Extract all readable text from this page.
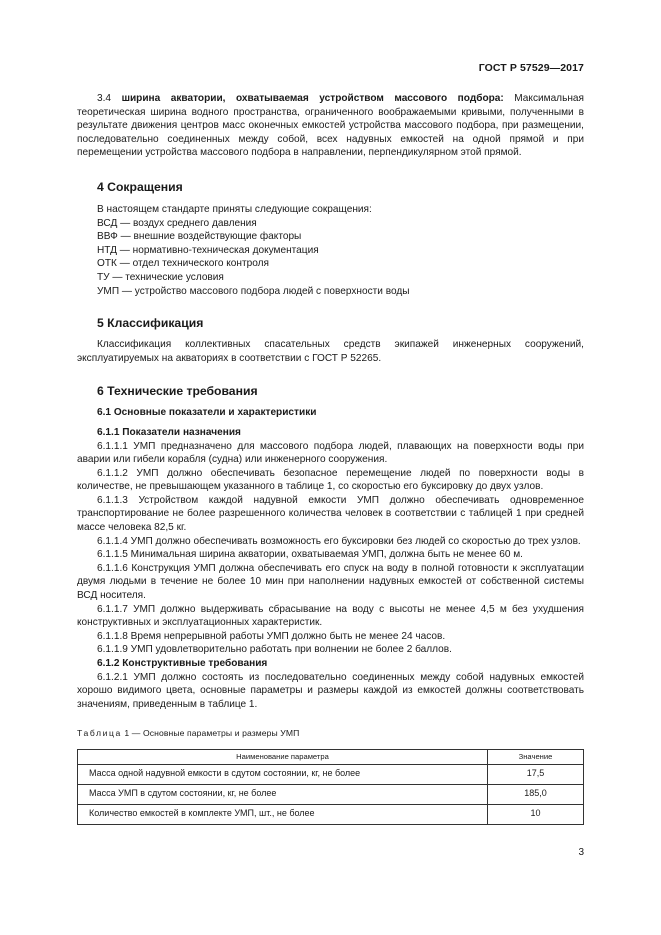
ГОСТ Р 57529—2017

3.4 ширина акватории, охватываемая устройством массового подбора: Максимальная теоретическая ширина водного пространства, ограниченного воображаемыми кривыми, полученными в результате движения центров масс оконечных емкостей устройства массового подбора, при размещении, последовательно соединенных между собой, всех надувных емкостей на одной прямой и при перемещении устройства массового подбора в направлении, перпендикулярном этой прямой.

4 Сокращения

В настоящем стандарте приняты следующие сокращения:

ВСД — воздух среднего давления

ВВФ — внешние воздействующие факторы

НТД — нормативно-техническая документация

ОТК — отдел технического контроля

ТУ — технические условия

УМП — устройство массового подбора людей с поверхности воды

5 Классификация

Классификация коллективных спасательных средств экипажей инженерных сооружений, эксплуатируемых на акваториях в соответствии с ГОСТ Р 52265.

6 Технические требования

6.1 Основные показатели и характеристики

6.1.1 Показатели назначения

6.1.1.1 УМП предназначено для массового подбора людей, плавающих на поверхности воды при аварии или гибели корабля (судна) или инженерного сооружения.

6.1.1.2 УМП должно обеспечивать безопасное перемещение людей по поверхности воды в количестве, не превышающем указанного в таблице 1, со скоростью его буксировку до двух узлов.

6.1.1.3 Устройством каждой надувной емкости УМП должно обеспечивать одновременное транспортирование не более разрешенного количества человек в соответствии с таблицей 1 при средней массе человека 82,5 кг.

6.1.1.4 УМП должно обеспечивать возможность его буксировки без людей со скоростью до трех узлов.

6.1.1.5 Минимальная ширина акватории, охватываемая УМП, должна быть не менее 60 м.

6.1.1.6 Конструкция УМП должна обеспечивать его спуск на воду в полной готовности к эксплуатации двумя людьми в течение не более 10 мин при наполнении надувных емкостей от собственной системы ВСД носителя.

6.1.1.7 УМП должно выдерживать сбрасывание на воду с высоты не менее 4,5 м без ухудшения конструктивных и эксплуатационных характеристик.

6.1.1.8 Время непрерывной работы УМП должно быть не менее 24 часов.

6.1.1.9 УМП удовлетворительно работать при волнении не более 2 баллов.

6.1.2 Конструктивные требования

6.1.2.1 УМП должно состоять из последовательно соединенных между собой надувных емкостей хорошо видимого цвета, основные параметры и размеры каждой из емкостей должны соответствовать значениям, приведенным в таблице 1.

Таблица 1 — Основные параметры и размеры УМП
Наименование параметра	Значение
Масса одной надувной емкости в сдутом состоянии, кг, не более	17,5
Масса УМП в сдутом состоянии, кг, не более	185,0
Количество емкостей в комплекте УМП, шт., не более	10
3
